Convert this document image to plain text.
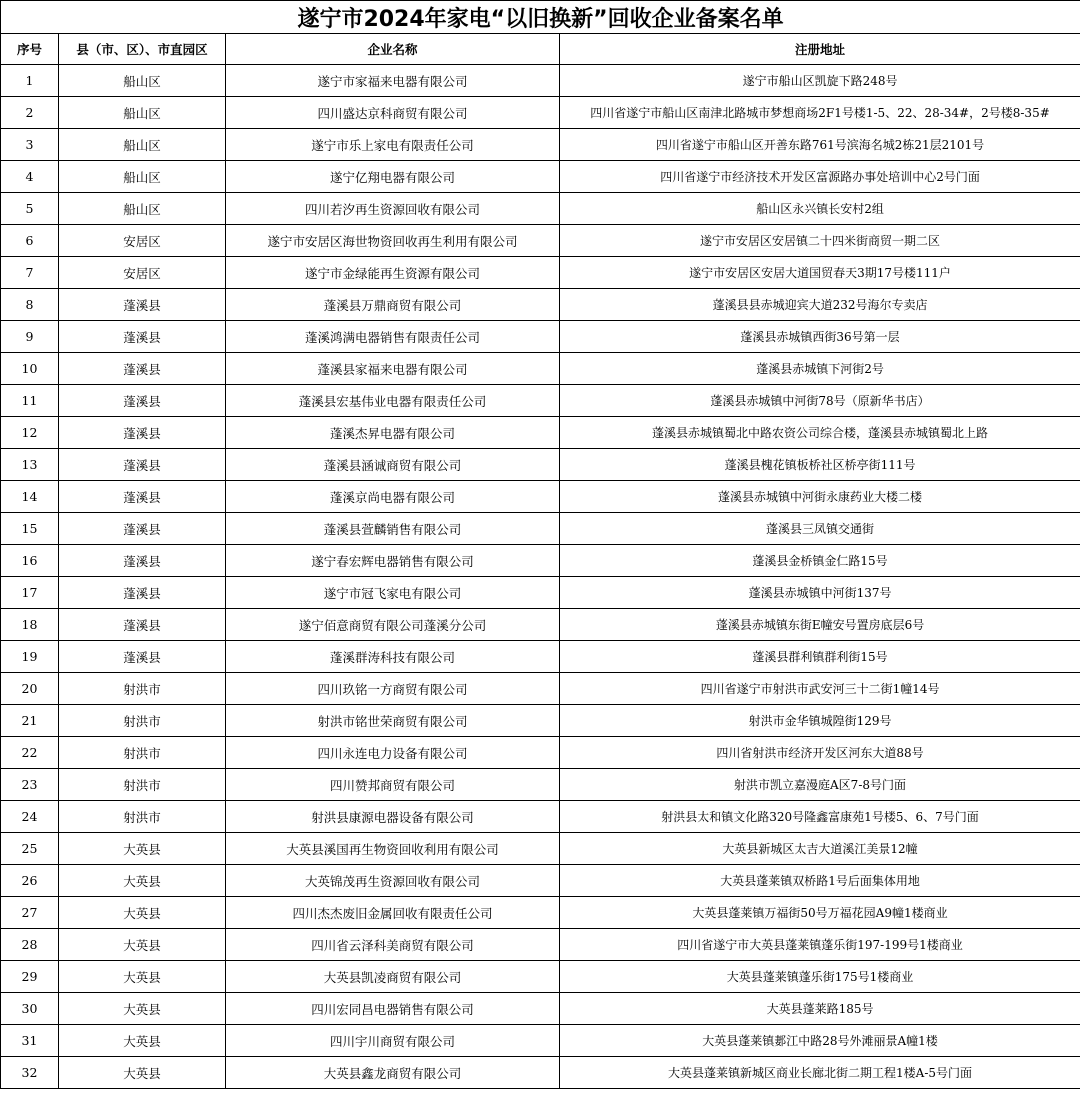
遂宁市2024年家电“以旧换新”回收企业备案名单			
序号	县（市、区）、市直园区	企业名称	注册地址
1	船山区	遂宁市家福来电器有限公司	遂宁市船山区凯旋下路248号
2	船山区	四川盛达京科商贸有限公司	四川省遂宁市船山区南津北路城市梦想商场2F1号楼1-5、22、28-34#，2号楼8-35#
3	船山区	遂宁市乐上家电有限责任公司	四川省遂宁市船山区开善东路761号滨海名城2栋21层2101号
4	船山区	遂宁亿翔电器有限公司	四川省遂宁市经济技术开发区富源路办事处培训中心2号门面
5	船山区	四川若汐再生资源回收有限公司	船山区永兴镇长安村2组
6	安居区	遂宁市安居区海世物资回收再生利用有限公司	遂宁市安居区安居镇二十四米街商贸一期二区
7	安居区	遂宁市金绿能再生资源有限公司	遂宁市安居区安居大道国贸春天3期17号楼111户
8	蓬溪县	蓬溪县万鼎商贸有限公司	蓬溪县县赤城迎宾大道232号海尔专卖店
9	蓬溪县	蓬溪鸿满电器销售有限责任公司	蓬溪县赤城镇西街36号第一层
10	蓬溪县	蓬溪县家福来电器有限公司	蓬溪县赤城镇下河街2号
11	蓬溪县	蓬溪县宏基伟业电器有限责任公司	蓬溪县赤城镇中河街78号（原新华书店）
12	蓬溪县	蓬溪杰昇电器有限公司	蓬溪县赤城镇蜀北中路农资公司综合楼，蓬溪县赤城镇蜀北上路
13	蓬溪县	蓬溪县涵诚商贸有限公司	蓬溪县槐花镇板桥社区桥亭街111号
14	蓬溪县	蓬溪京尚电器有限公司	蓬溪县赤城镇中河街永康药业大楼二楼
15	蓬溪县	蓬溪县萱麟销售有限公司	蓬溪县三凤镇交通街
16	蓬溪县	遂宁春宏辉电器销售有限公司	蓬溪县金桥镇金仁路15号
17	蓬溪县	遂宁市冠飞家电有限公司	蓬溪县赤城镇中河街137号
18	蓬溪县	遂宁佰意商贸有限公司蓬溪分公司	蓬溪县赤城镇东街E幢安号置房底层6号
19	蓬溪县	蓬溪群涛科技有限公司	蓬溪县群利镇群利街15号
20	射洪市	四川玖铭一方商贸有限公司	四川省遂宁市射洪市武安河三十二街1幢14号
21	射洪市	射洪市铭世荣商贸有限公司	射洪市金华镇城隍街129号
22	射洪市	四川永连电力设备有限公司	四川省射洪市经济开发区河东大道88号
23	射洪市	四川赞邦商贸有限公司	射洪市凯立嘉漫庭A区7-8号门面
24	射洪市	射洪县康源电器设备有限公司	射洪县太和镇文化路320号隆鑫富康苑1号楼5、6、7号门面
25	大英县	大英县溪国再生物资回收利用有限公司	大英县新城区太吉大道溪江美景12幢
26	大英县	大英锦茂再生资源回收有限公司	大英县蓬莱镇双桥路1号后面集体用地
27	大英县	四川杰杰废旧金属回收有限责任公司	大英县蓬莱镇万福街50号万福花园A9幢1楼商业
28	大英县	四川省云泽科美商贸有限公司	四川省遂宁市大英县蓬莱镇蓬乐街197-199号1楼商业
29	大英县	大英县凯凌商贸有限公司	大英县蓬莱镇蓬乐街175号1楼商业
30	大英县	四川宏同昌电器销售有限公司	大英县蓬莱路185号
31	大英县	四川宇川商贸有限公司	大英县蓬莱镇郪江中路28号外滩丽景A幢1楼
32	大英县	大英县鑫龙商贸有限公司	大英县蓬莱镇新城区商业长廊北街二期工程1楼A-5号门面
